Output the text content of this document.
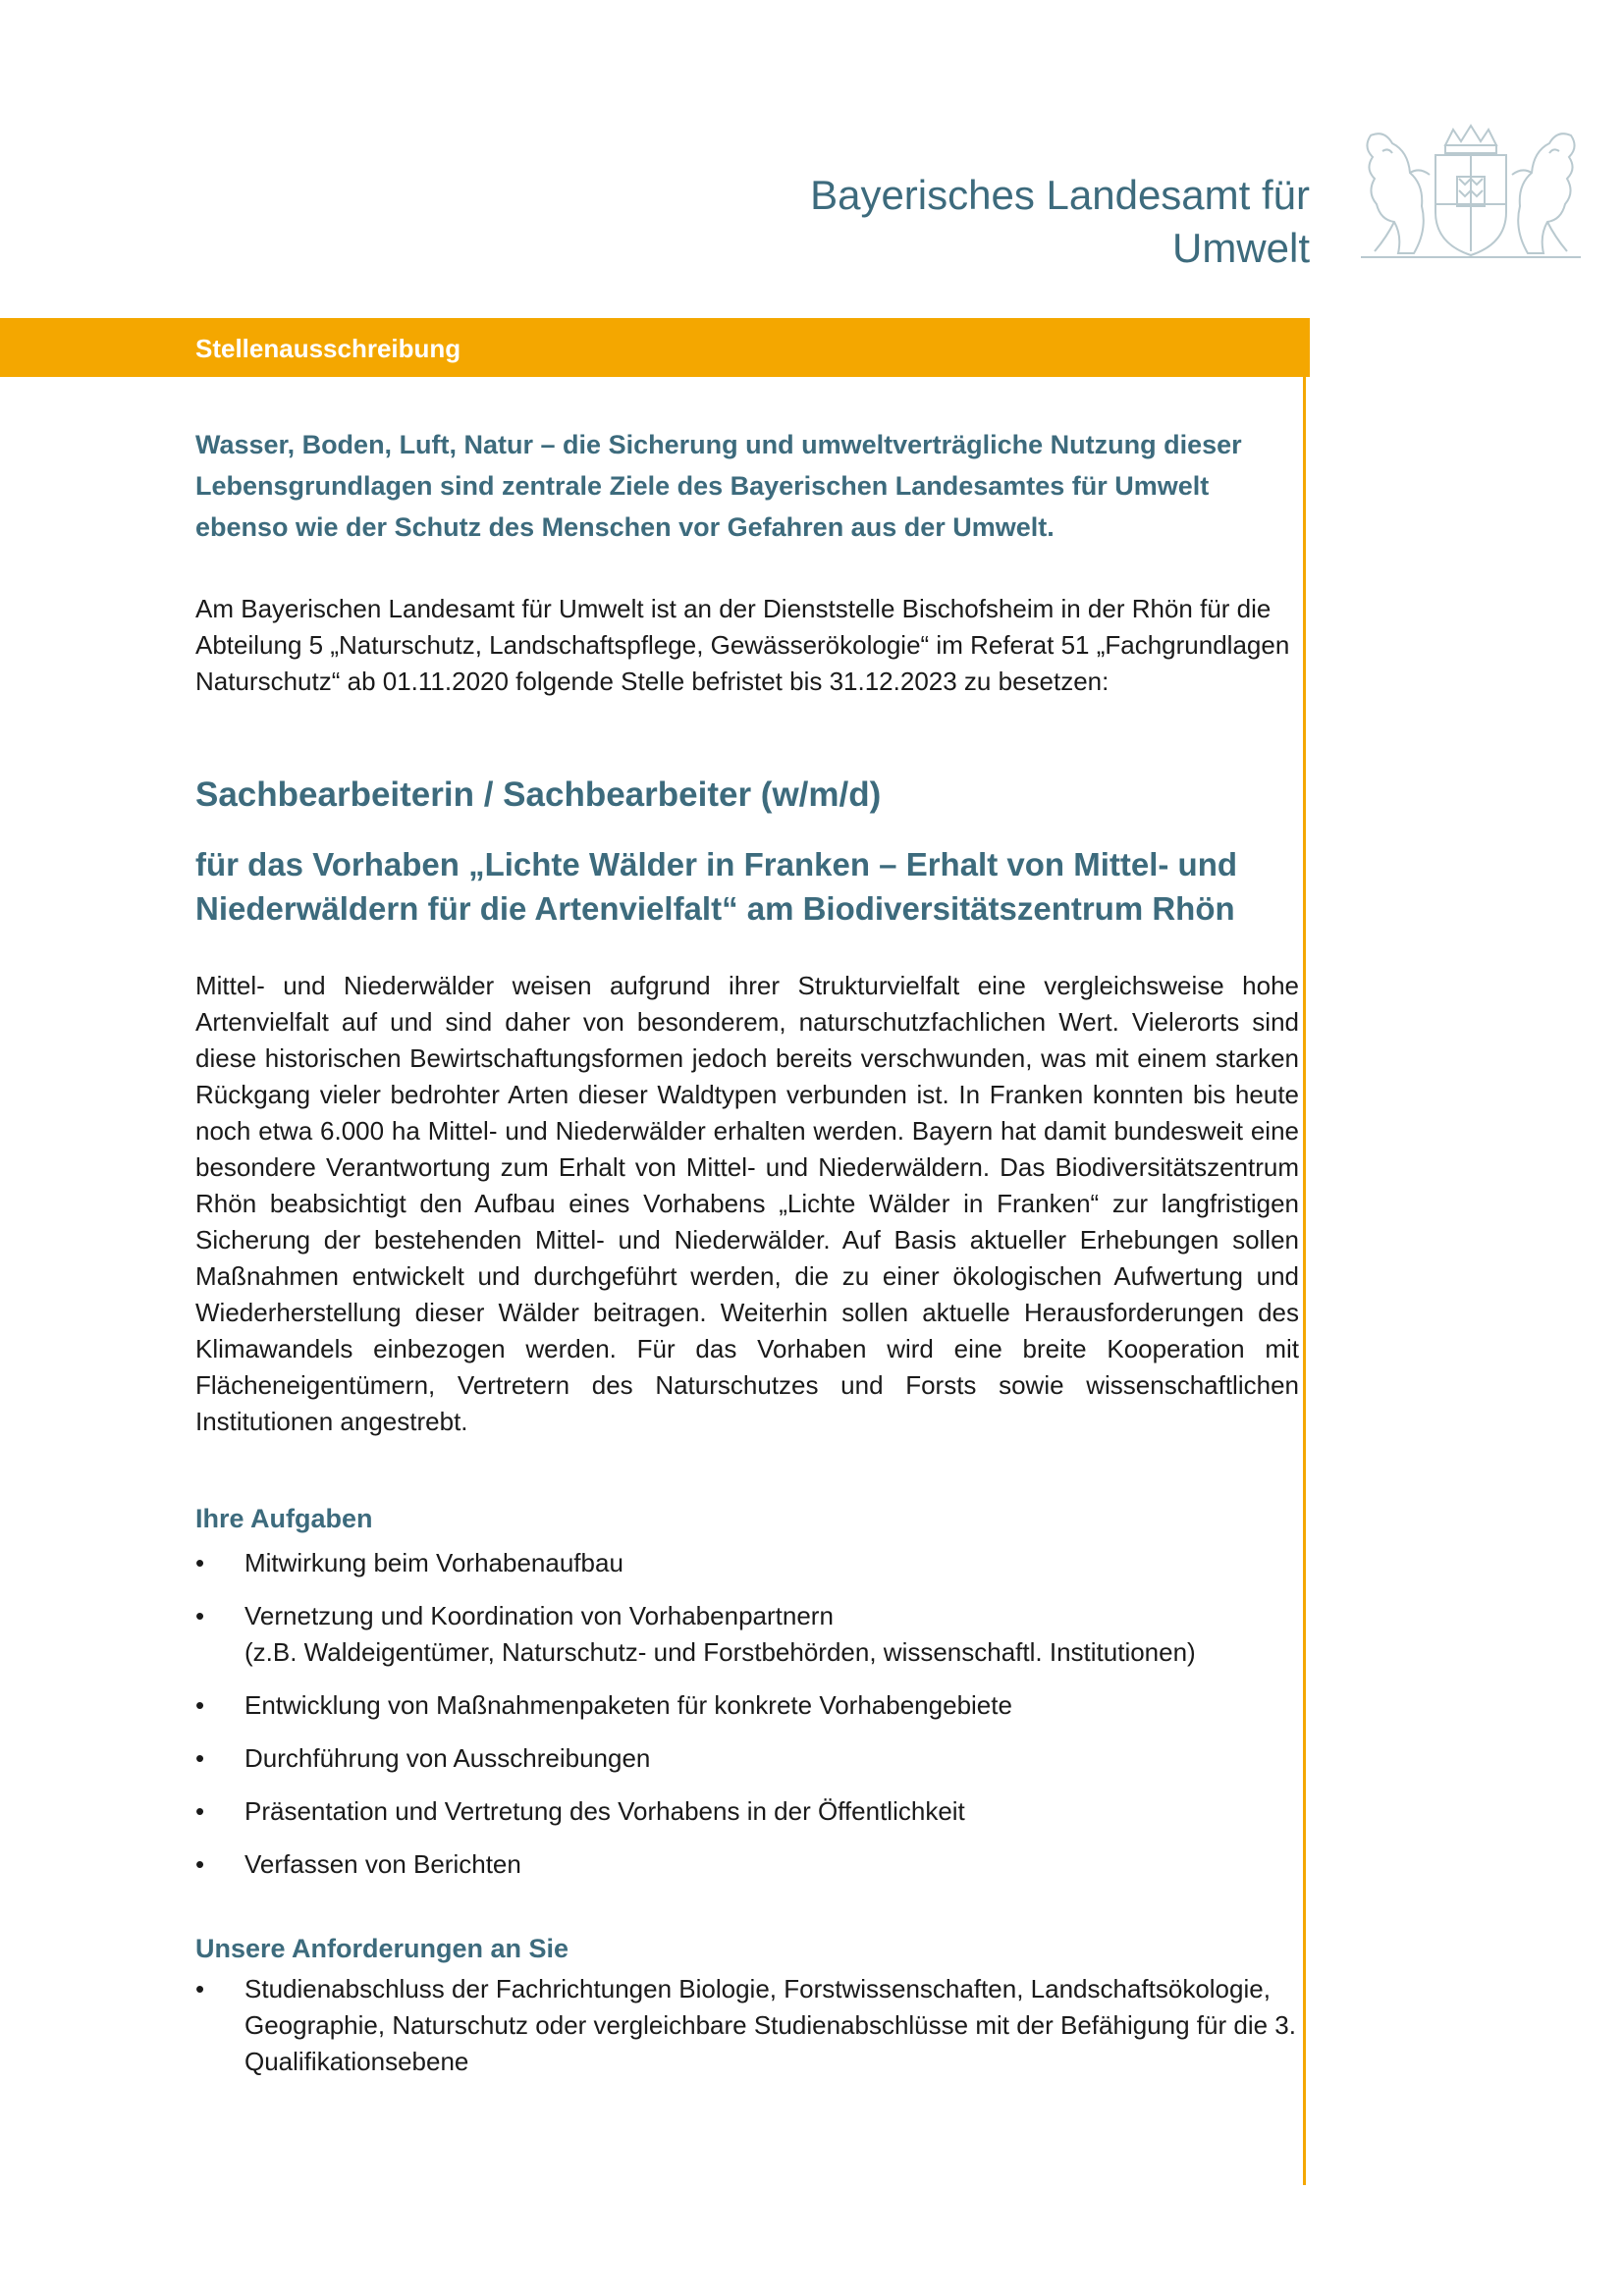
Bayerisches Landesamt für
Umwelt
Stellenausschreibung
Wasser, Boden, Luft, Natur – die Sicherung und umweltverträgliche Nutzung dieser Lebensgrundlagen sind zentrale Ziele des Bayerischen Landesamtes für Umwelt ebenso wie der Schutz des Menschen vor Gefahren aus der Umwelt.
Am Bayerischen Landesamt für Umwelt ist an der Dienststelle Bischofsheim in der Rhön für die Abteilung 5 „Naturschutz, Landschaftspflege, Gewässerökologie“ im Referat 51 „Fachgrundlagen Naturschutz“ ab 01.11.2020 folgende Stelle befristet bis 31.12.2023 zu besetzen:
Sachbearbeiterin / Sachbearbeiter (w/m/d)
für das Vorhaben „Lichte Wälder in Franken – Erhalt von Mittel- und Niederwäldern für die Artenvielfalt“ am Biodiversitätszentrum Rhön
Mittel- und Niederwälder weisen aufgrund ihrer Strukturvielfalt eine vergleichsweise hohe Artenvielfalt auf und sind daher von besonderem, naturschutzfachlichen Wert. Vielerorts sind diese historischen Bewirtschaftungsformen jedoch bereits verschwunden, was mit einem starken Rückgang vieler bedrohter Arten dieser Waldtypen verbunden ist. In Franken konnten bis heute noch etwa 6.000 ha Mittel- und Niederwälder erhalten werden. Bayern hat damit bundesweit eine besondere Verantwortung zum Erhalt von Mittel- und Niederwäldern. Das Biodiversitätszentrum Rhön beabsichtigt den Aufbau eines Vorhabens „Lichte Wälder in Franken“ zur langfristigen Sicherung der bestehenden Mittel- und Niederwälder. Auf Basis aktueller Erhebungen sollen Maßnahmen entwickelt und durchgeführt werden, die zu einer ökologischen Aufwertung und Wiederherstellung dieser Wälder beitragen. Weiterhin sollen aktuelle Herausforderungen des Klimawandels einbezogen werden. Für das Vorhaben wird eine breite Kooperation mit Flächeneigentümern, Vertretern des Naturschutzes und Forsts sowie wissenschaftlichen Institutionen angestrebt.
Ihre Aufgaben
• Mitwirkung beim Vorhabenaufbau
• Vernetzung und Koordination von Vorhabenpartnern
(z.B. Waldeigentümer, Naturschutz- und Forstbehörden, wissenschaftl. Institutionen)
• Entwicklung von Maßnahmenpaketen für konkrete Vorhabengebiete
• Durchführung von Ausschreibungen
• Präsentation und Vertretung des Vorhabens in der Öffentlichkeit
• Verfassen von Berichten
Unsere Anforderungen an Sie
• Studienabschluss der Fachrichtungen Biologie, Forstwissenschaften, Landschaftsökologie, Geographie, Naturschutz oder vergleichbare Studienabschlüsse mit der Befähigung für die 3. Qualifikationsebene
